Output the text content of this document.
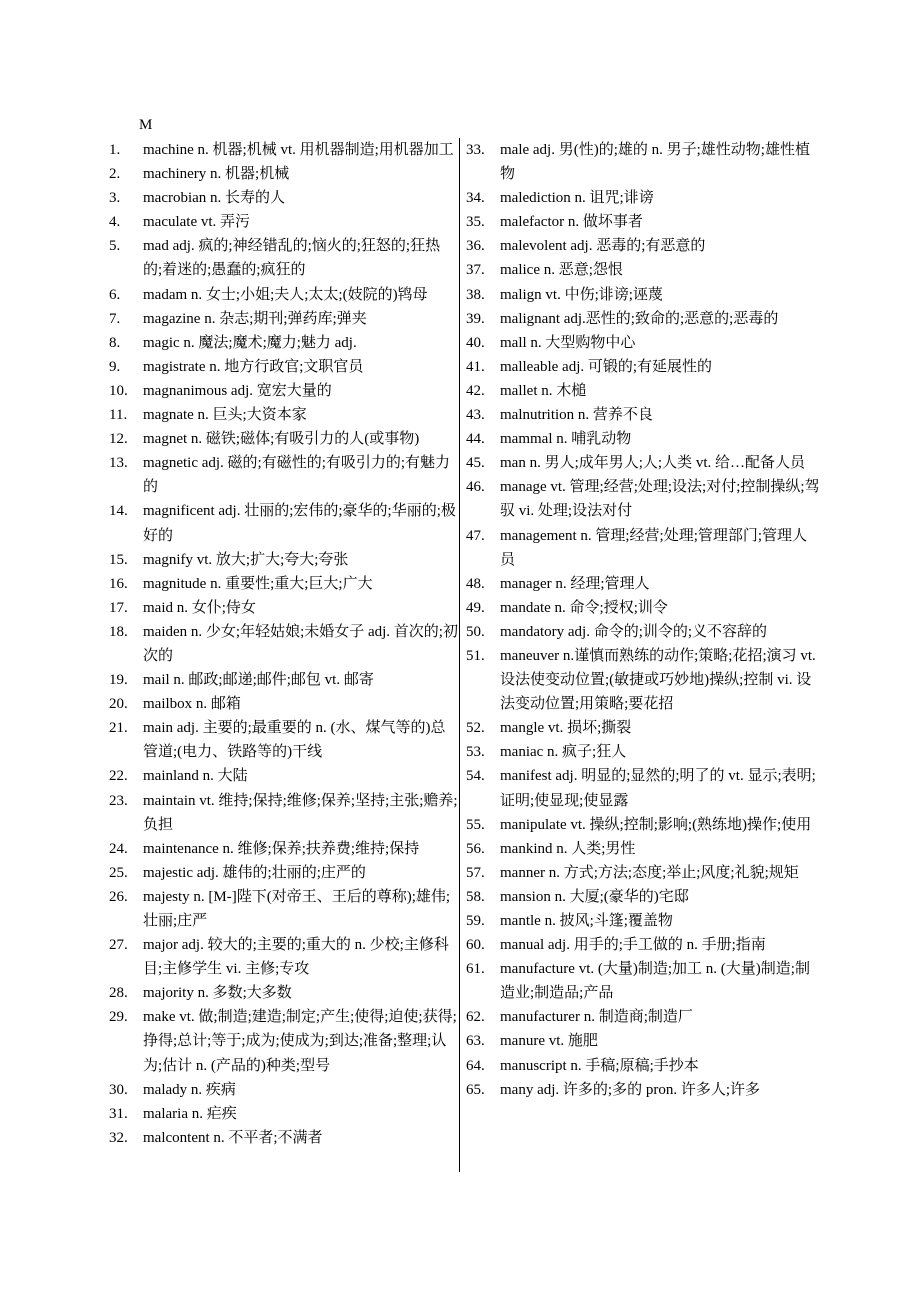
M
1.	machine n. 机器;机械 vt. 用机器制造;用机器加工
2.	machinery n. 机器;机械
3.	macrobian n. 长寿的人
4.	maculate vt. 弄污
5.	mad adj. 疯的;神经错乱的;恼火的;狂怒的;狂热的;着迷的;愚蠢的;疯狂的
6.	madam n. 女士;小姐;夫人;太太;(妓院的)鸨母
7.	magazine n. 杂志;期刊;弹药库;弹夹
8.	magic n. 魔法;魔术;魔力;魅力 adj.
9.	magistrate n. 地方行政官;文职官员
10.	magnanimous adj. 宽宏大量的
11.	magnate n. 巨头;大资本家
12.	magnet n. 磁铁;磁体;有吸引力的人(或事物)
13.	magnetic adj. 磁的;有磁性的;有吸引力的;有魅力的
14.	magnificent adj. 壮丽的;宏伟的;豪华的;华丽的;极好的
15.	magnify vt. 放大;扩大;夸大;夸张
16.	magnitude n. 重要性;重大;巨大;广大
17.	maid n. 女仆;侍女
18.	maiden n. 少女;年轻姑娘;未婚女子 adj. 首次的;初次的
19.	mail n. 邮政;邮递;邮件;邮包 vt. 邮寄
20.	mailbox n. 邮箱
21.	main adj. 主要的;最重要的 n. (水、煤气等的)总管道;(电力、铁路等的)干线
22.	mainland n. 大陆
23.	maintain vt. 维持;保持;维修;保养;坚持;主张;赡养;负担
24.	maintenance n. 维修;保养;扶养费;维持;保持
25.	majestic adj. 雄伟的;壮丽的;庄严的
26.	majesty n. [M-]陛下(对帝王、王后的尊称);雄伟;壮丽;庄严
27.	major adj. 较大的;主要的;重大的 n. 少校;主修科目;主修学生 vi. 主修;专攻
28.	majority n. 多数;大多数
29.	make vt. 做;制造;建造;制定;产生;使得;迫使;获得;挣得;总计;等于;成为;使成为;到达;准备;整理;认为;估计 n. (产品的)种类;型号
30.	malady n. 疾病
31.	malaria n. 疟疾
32.	malcontent n. 不平者;不满者
33.	male adj. 男(性)的;雄的 n. 男子;雄性动物;雄性植物
34.	malediction n. 诅咒;诽谤
35.	malefactor n. 做坏事者
36.	malevolent adj. 恶毒的;有恶意的
37.	malice n. 恶意;怨恨
38.	malign vt. 中伤;诽谤;诬蔑
39.	malignant adj.恶性的;致命的;恶意的;恶毒的
40.	mall n. 大型购物中心
41.	malleable adj. 可锻的;有延展性的
42.	mallet n. 木槌
43.	malnutrition n. 营养不良
44.	mammal n. 哺乳动物
45.	man n. 男人;成年男人;人;人类 vt. 给…配备人员
46.	manage vt. 管理;经营;处理;设法;对付;控制操纵;驾驭 vi. 处理;设法对付
47.	management n. 管理;经营;处理;管理部门;管理人员
48.	manager n. 经理;管理人
49.	mandate n. 命令;授权;训令
50.	mandatory adj. 命令的;训令的;义不容辞的
51.	maneuver n.谨慎而熟练的动作;策略;花招;演习 vt.设法使变动位置;(敏捷或巧妙地)操纵;控制 vi. 设法变动位置;用策略;要花招
52.	mangle vt. 损坏;撕裂
53.	maniac n. 疯子;狂人
54.	manifest adj. 明显的;显然的;明了的 vt. 显示;表明;证明;使显现;使显露
55.	manipulate vt. 操纵;控制;影响;(熟练地)操作;使用
56.	mankind n. 人类;男性
57.	manner n. 方式;方法;态度;举止;风度;礼貌;规矩
58.	mansion n. 大厦;(豪华的)宅邸
59.	mantle n. 披风;斗篷;覆盖物
60.	manual adj. 用手的;手工做的 n. 手册;指南
61.	manufacture vt. (大量)制造;加工 n. (大量)制造;制造业;制造品;产品
62.	manufacturer n. 制造商;制造厂
63.	manure vt. 施肥
64.	manuscript n. 手稿;原稿;手抄本
65.	many adj. 许多的;多的 pron. 许多人;许多
